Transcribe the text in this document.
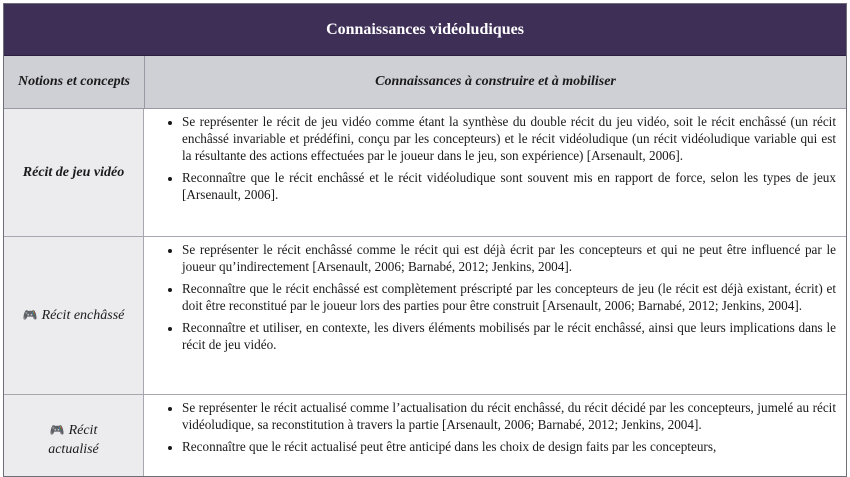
Connaissances vidéoludiques
Notions et concepts	Connaissances à construire et à mobiliser
Récit de jeu vidéo
• Se représenter le récit de jeu vidéo comme étant la synthèse du double récit du jeu vidéo, soit le récit enchâssé (un récit enchâssé invariable et prédéfini, conçu par les concepteurs) et le récit vidéoludique (un récit vidéoludique variable qui est la résultante des actions effectuées par le joueur dans le jeu, son expérience) [Arsenault, 2006].
• Reconnaître que le récit enchâssé et le récit vidéoludique sont souvent mis en rapport de force, selon les types de jeux [Arsenault, 2006].
🎮 Récit enchâssé
• Se représenter le récit enchâssé comme le récit qui est déjà écrit par les concepteurs et qui ne peut être influencé par le joueur qu’indirectement [Arsenault, 2006; Barnabé, 2012; Jenkins, 2004].
• Reconnaître que le récit enchâssé est complètement préscripté par les concepteurs de jeu (le récit est déjà existant, écrit) et doit être reconstitué par le joueur lors des parties pour être construit [Arsenault, 2006; Barnabé, 2012; Jenkins, 2004].
• Reconnaître et utiliser, en contexte, les divers éléments mobilisés par le récit enchâssé, ainsi que leurs implications dans le récit de jeu vidéo.
🎮 Récit
actualisé
• Se représenter le récit actualisé comme l’actualisation du récit enchâssé, du récit décidé par les concepteurs, jumelé au récit vidéoludique, sa reconstitution à travers la partie [Arsenault, 2006; Barnabé, 2012; Jenkins, 2004].
• Reconnaître que le récit actualisé peut être anticipé dans les choix de design faits par les concepteurs,
